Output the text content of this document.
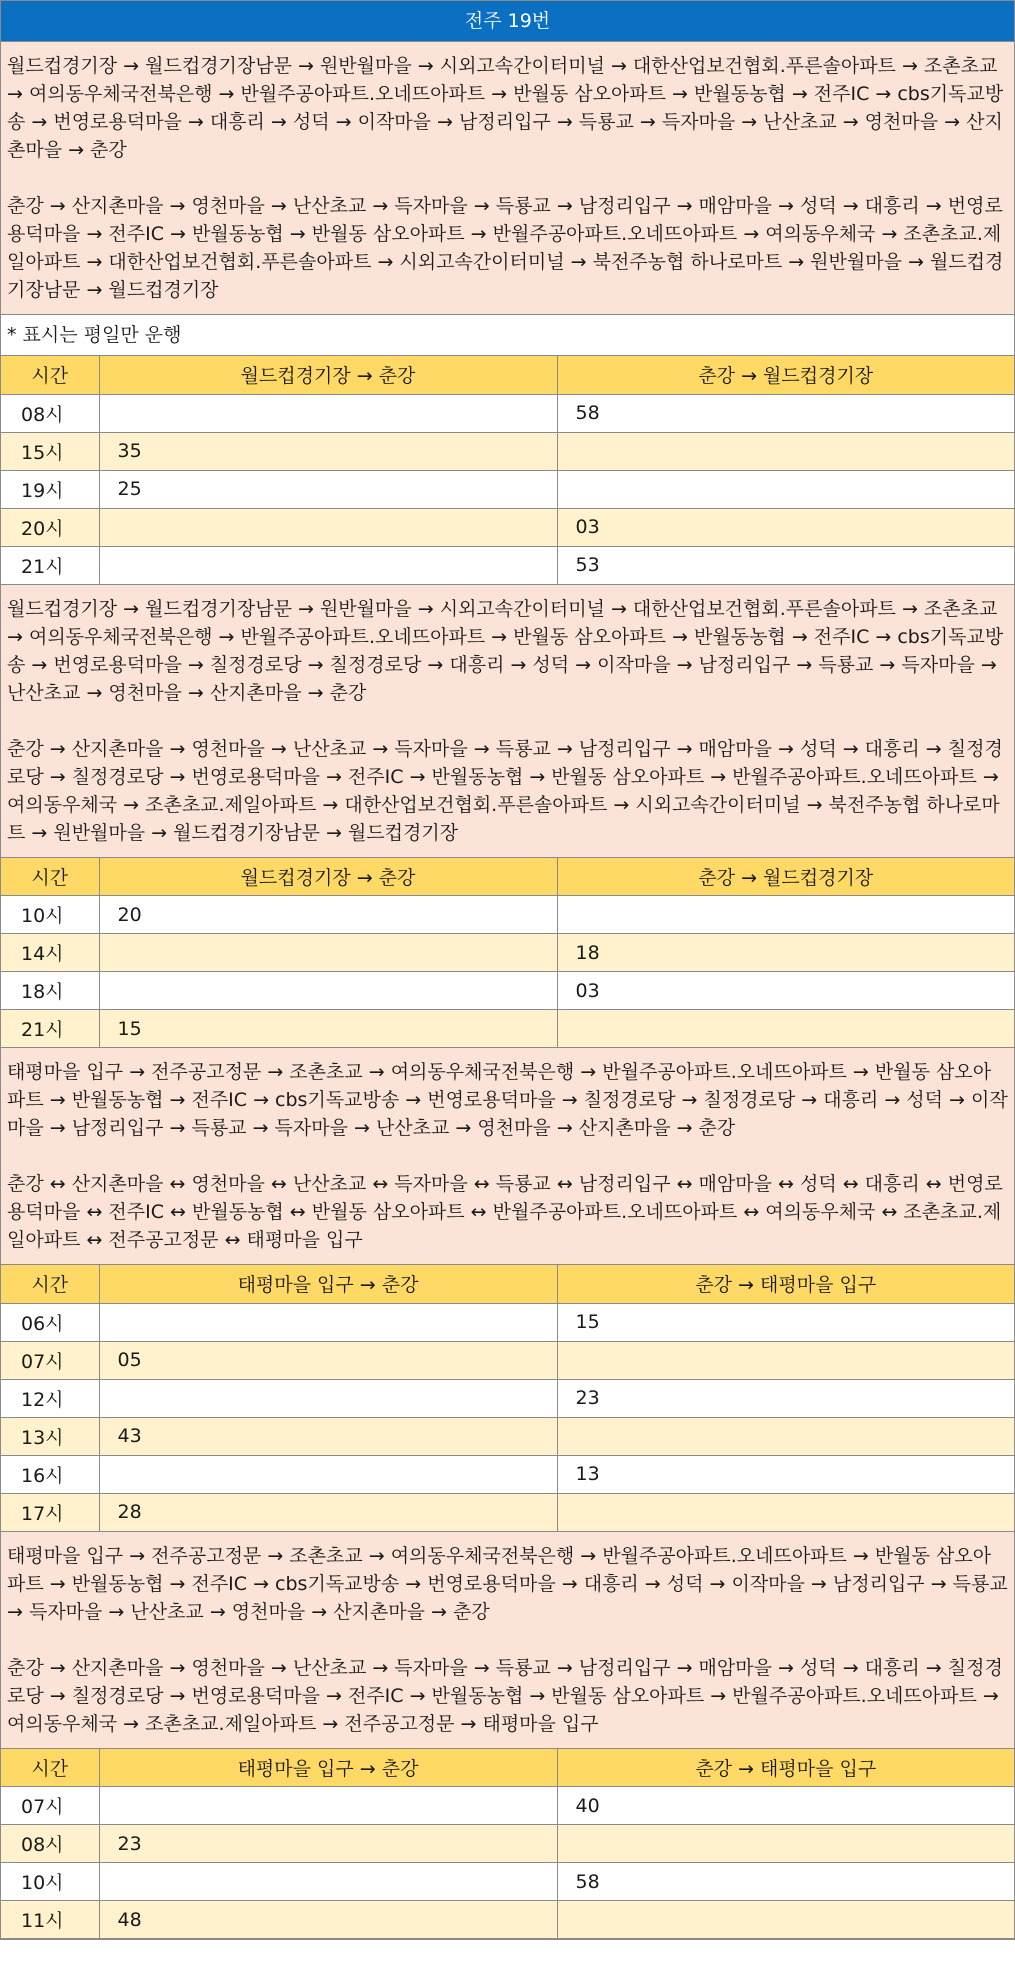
전주 19번

월드컵경기장 → 월드컵경기장남문 → 원반월마을 → 시외고속간이터미널 → 대한산업보건협회.푸른솔아파트 → 조촌초교 → 여의동우체국전북은행 → 반월주공아파트.오네뜨아파트 → 반월동 삼오아파트 → 반월동농협 → 전주IC → cbs기독교방송 → 번영로용덕마을 → 대흥리 → 성덕 → 이작마을 → 남정리입구 → 득룡교 → 득자마을 → 난산초교 → 영천마을 → 산지촌마을 → 춘강

춘강 → 산지촌마을 → 영천마을 → 난산초교 → 득자마을 → 득룡교 → 남정리입구 → 매암마을 → 성덕 → 대흥리 → 번영로용덕마을 → 전주IC → 반월동농협 → 반월동 삼오아파트 → 반월주공아파트.오네뜨아파트 → 여의동우체국 → 조촌초교.제일아파트 → 대한산업보건협회.푸른솔아파트 → 시외고속간이터미널 → 북전주농협 하나로마트 → 원반월마을 → 월드컵경기장남문 → 월드컵경기장

* 표시는 평일만 운행
시간	월드컵경기장 → 춘강	춘강 → 월드컵경기장
08시		58
15시	35	
19시	25	
20시		03
21시		53

월드컵경기장 → 월드컵경기장남문 → 원반월마을 → 시외고속간이터미널 → 대한산업보건협회.푸른솔아파트 → 조촌초교 → 여의동우체국전북은행 → 반월주공아파트.오네뜨아파트 → 반월동 삼오아파트 → 반월동농협 → 전주IC → cbs기독교방송 → 번영로용덕마을 → 칠정경로당 → 칠정경로당 → 대흥리 → 성덕 → 이작마을 → 남정리입구 → 득룡교 → 득자마을 → 난산초교 → 영천마을 → 산지촌마을 → 춘강

춘강 → 산지촌마을 → 영천마을 → 난산초교 → 득자마을 → 득룡교 → 남정리입구 → 매암마을 → 성덕 → 대흥리 → 칠정경로당 → 칠정경로당 → 번영로용덕마을 → 전주IC → 반월동농협 → 반월동 삼오아파트 → 반월주공아파트.오네뜨아파트 → 여의동우체국 → 조촌초교.제일아파트 → 대한산업보건협회.푸른솔아파트 → 시외고속간이터미널 → 북전주농협 하나로마트 → 원반월마을 → 월드컵경기장남문 → 월드컵경기장

시간	월드컵경기장 → 춘강	춘강 → 월드컵경기장
10시	20	
14시		18
18시		03
21시	15	

태평마을 입구 → 전주공고정문 → 조촌초교 → 여의동우체국전북은행 → 반월주공아파트.오네뜨아파트 → 반월동 삼오아파트 → 반월동농협 → 전주IC → cbs기독교방송 → 번영로용덕마을 → 칠정경로당 → 칠정경로당 → 대흥리 → 성덕 → 이작마을 → 남정리입구 → 득룡교 → 득자마을 → 난산초교 → 영천마을 → 산지촌마을 → 춘강

춘강 ↔ 산지촌마을 ↔ 영천마을 ↔ 난산초교 ↔ 득자마을 ↔ 득룡교 ↔ 남정리입구 ↔ 매암마을 ↔ 성덕 ↔ 대흥리 ↔ 번영로용덕마을 ↔ 전주IC ↔ 반월동농협 ↔ 반월동 삼오아파트 ↔ 반월주공아파트.오네뜨아파트 ↔ 여의동우체국 ↔ 조촌초교.제일아파트 ↔ 전주공고정문 ↔ 태평마을 입구

시간	태평마을 입구 → 춘강	춘강 → 태평마을 입구
06시		15
07시	05	
12시		23
13시	43	
16시		13
17시	28	

태평마을 입구 → 전주공고정문 → 조촌초교 → 여의동우체국전북은행 → 반월주공아파트.오네뜨아파트 → 반월동 삼오아파트 → 반월동농협 → 전주IC → cbs기독교방송 → 번영로용덕마을 → 대흥리 → 성덕 → 이작마을 → 남정리입구 → 득룡교 → 득자마을 → 난산초교 → 영천마을 → 산지촌마을 → 춘강

춘강 → 산지촌마을 → 영천마을 → 난산초교 → 득자마을 → 득룡교 → 남정리입구 → 매암마을 → 성덕 → 대흥리 → 칠정경로당 → 칠정경로당 → 번영로용덕마을 → 전주IC → 반월동농협 → 반월동 삼오아파트 → 반월주공아파트.오네뜨아파트 → 여의동우체국 → 조촌초교.제일아파트 → 전주공고정문 → 태평마을 입구

시간	태평마을 입구 → 춘강	춘강 → 태평마을 입구
07시		40
08시	23	
10시		58
11시	48	
